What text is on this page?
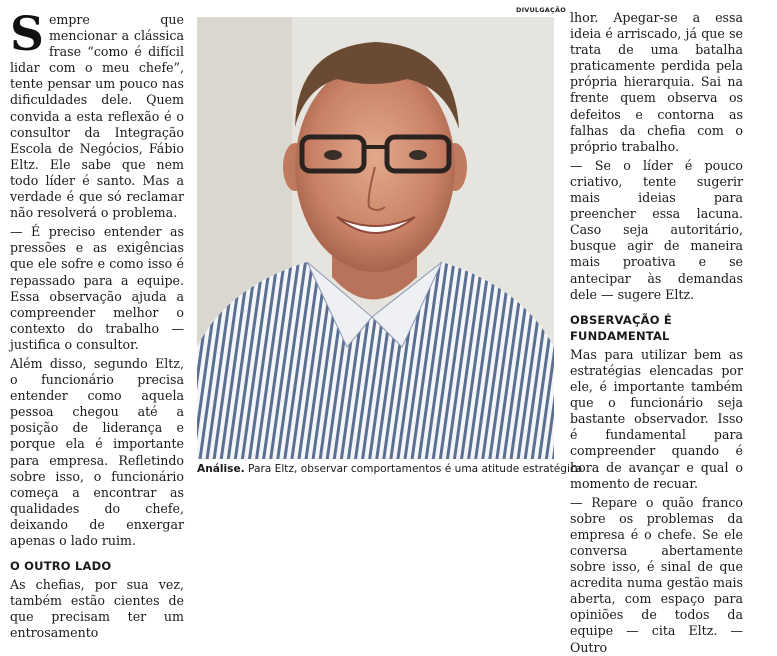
Sempre que mencionar a clássica frase “como é difícil lidar com o meu chefe”, tente pensar um pouco nas dificuldades dele. Quem convida a esta reflexão é o consultor da Integração Escola de Negócios, Fábio Eltz. Ele sabe que nem todo líder é santo. Mas a verdade é que só reclamar não resolverá o problema.

— É preciso entender as pressões e as exigências que ele sofre e como isso é repassado para a equipe. Essa observação ajuda a compreender melhor o contexto do trabalho — justifica o consultor.

Além disso, segundo Eltz, o funcionário precisa entender como aquela pessoa chegou até a posição de liderança e porque ela é importante para empresa. Refletindo sobre isso, o funcionário começa a encontrar as qualidades do chefe, deixando de enxergar apenas o lado ruim.

O OUTRO LADO

As chefias, por sua vez, também estão cientes de que precisam ter um entrosamento

DIVULGAÇÃO
Análise. Para Eltz, observar comportamentos é uma atitude estratégica

lhor. Apegar-se a essa ideia é arriscado, já que se trata de uma batalha praticamente perdida pela própria hierarquia. Sai na frente quem observa os defeitos e contorna as falhas da chefia com o próprio trabalho.

— Se o líder é pouco criativo, tente sugerir mais ideias para preencher essa lacuna. Caso seja autoritário, busque agir de maneira mais proativa e se antecipar às demandas dele — sugere Eltz.

OBSERVAÇÃO É FUNDAMENTAL

Mas para utilizar bem as estratégias elencadas por ele, é importante também que o funcionário seja bastante observador. Isso é fundamental para compreender quando é hora de avançar e qual o momento de recuar.

— Repare o quão franco sobre os problemas da empresa é o chefe. Se ele conversa abertamente sobre isso, é sinal de que acredita numa gestão mais aberta, com espaço para opiniões de todos da equipe — cita Eltz. — Outro
